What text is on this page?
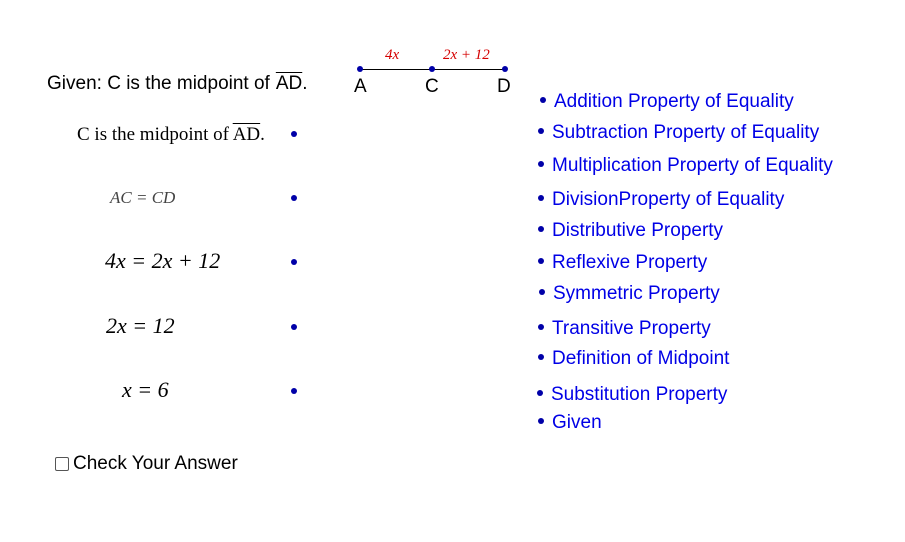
Given: C is the midpoint of $\overline{AD}$. A	C	D
4x	2x + 12
C is the midpoint of $\overline{AD}$.
AC = CD
4x = 2x + 12
2x = 12
x = 6
Addition Property of Equality
Subtraction Property of Equality
Multiplication Property of Equality
DivisionProperty of Equality
Distributive Property
Reflexive Property
Symmetric Property
Transitive Property
Definition of Midpoint
Substitution Property
Given
Check Your Answer
